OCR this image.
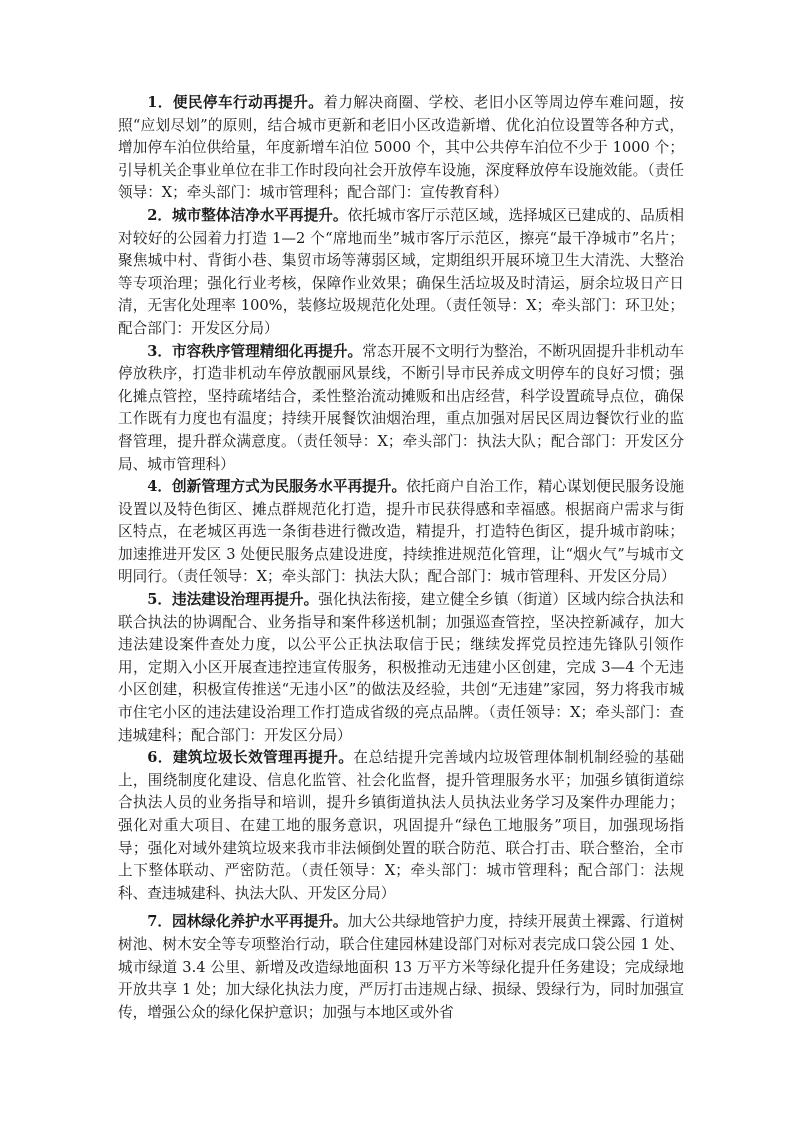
1．便民停车行动再提升。着力解决商圈、学校、老旧小区等周边停车难问题，按照“应划尽划”的原则，结合城市更新和老旧小区改造新增、优化泊位设置等各种方式，增加停车泊位供给量，年度新增车泊位 5000 个，其中公共停车泊位不少于 1000 个；引导机关企事业单位在非工作时段向社会开放停车设施，深度释放停车设施效能。（责任领导：X；牵头部门：城市管理科；配合部门：宣传教育科）

2．城市整体洁净水平再提升。依托城市客厅示范区域，选择城区已建成的、品质相对较好的公园着力打造 1—2 个“席地而坐”城市客厅示范区，擦亮“最干净城市”名片；聚焦城中村、背街小巷、集贸市场等薄弱区域，定期组织开展环境卫生大清洗、大整治等专项治理；强化行业考核，保障作业效果；确保生活垃圾及时清运，厨余垃圾日产日清，无害化处理率 100%，装修垃圾规范化处理。（责任领导：X；牵头部门：环卫处；配合部门：开发区分局）

3．市容秩序管理精细化再提升。常态开展不文明行为整治，不断巩固提升非机动车停放秩序，打造非机动车停放靓丽风景线，不断引导市民养成文明停车的良好习惯；强化摊点管控，坚持疏堵结合，柔性整治流动摊贩和出店经营，科学设置疏导点位，确保工作既有力度也有温度；持续开展餐饮油烟治理，重点加强对居民区周边餐饮行业的监督管理，提升群众满意度。（责任领导：X；牵头部门：执法大队；配合部门：开发区分局、城市管理科）

4．创新管理方式为民服务水平再提升。依托商户自治工作，精心谋划便民服务设施设置以及特色街区、摊点群规范化打造，提升市民获得感和幸福感。根据商户需求与街区特点，在老城区再选一条街巷进行微改造，精提升，打造特色街区，提升城市韵味；加速推进开发区 3 处便民服务点建设进度，持续推进规范化管理，让“烟火气”与城市文明同行。（责任领导：X；牵头部门：执法大队；配合部门：城市管理科、开发区分局）

5．违法建设治理再提升。强化执法衔接，建立健全乡镇（街道）区域内综合执法和联合执法的协调配合、业务指导和案件移送机制；加强巡查管控，坚决控新减存，加大违法建设案件查处力度，以公平公正执法取信于民；继续发挥党员控违先锋队引领作用，定期入小区开展查违控违宣传服务，积极推动无违建小区创建，完成 3—4 个无违小区创建，积极宣传推送“无违小区”的做法及经验，共创“无违建”家园，努力将我市城市住宅小区的违法建设治理工作打造成省级的亮点品牌。（责任领导：X；牵头部门：查违城建科；配合部门：开发区分局）

6．建筑垃圾长效管理再提升。在总结提升完善域内垃圾管理体制机制经验的基础上，围绕制度化建设、信息化监管、社会化监督，提升管理服务水平；加强乡镇街道综合执法人员的业务指导和培训，提升乡镇街道执法人员执法业务学习及案件办理能力；强化对重大项目、在建工地的服务意识，巩固提升“绿色工地服务”项目，加强现场指导；强化对域外建筑垃圾来我市非法倾倒处置的联合防范、联合打击、联合整治，全市上下整体联动、严密防范。（责任领导：X；牵头部门：城市管理科；配合部门：法规科、查违城建科、执法大队、开发区分局）

7．园林绿化养护水平再提升。加大公共绿地管护力度，持续开展黄土裸露、行道树树池、树木安全等专项整治行动，联合住建园林建设部门对标对表完成口袋公园 1 处、城市绿道 3.4 公里、新增及改造绿地面积 13 万平方米等绿化提升任务建设；完成绿地开放共享 1 处；加大绿化执法力度，严厉打击违规占绿、损绿、毁绿行为，同时加强宣传，增强公众的绿化保护意识；加强与本地区或外省
